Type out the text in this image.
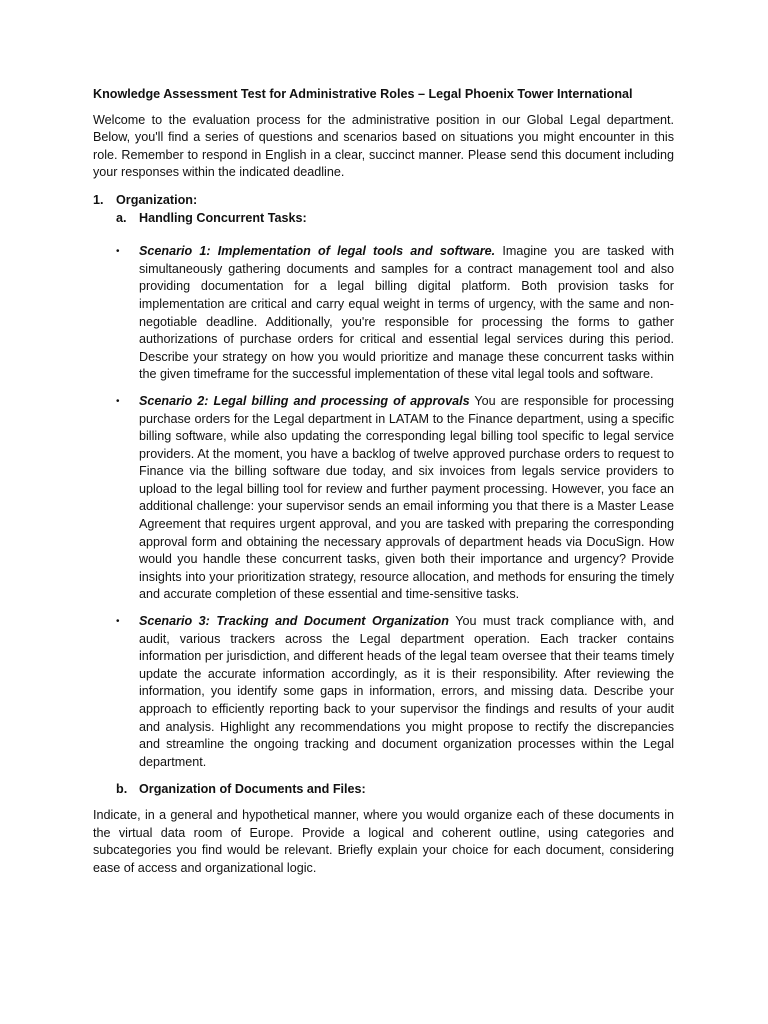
Knowledge Assessment Test for Administrative Roles – Legal Phoenix Tower International

Welcome to the evaluation process for the administrative position in our Global Legal department. Below, you'll find a series of questions and scenarios based on situations you might encounter in this role. Remember to respond in English in a clear, succinct manner. Please send this document including your responses within the indicated deadline.

1. Organization:
a. Handling Concurrent Tasks:
•	Scenario 1: Implementation of legal tools and software. Imagine you are tasked with simultaneously gathering documents and samples for a contract management tool and also providing documentation for a legal billing digital platform. Both provision tasks for implementation are critical and carry equal weight in terms of urgency, with the same and non-negotiable deadline. Additionally, you're responsible for processing the forms to gather authorizations of purchase orders for critical and essential legal services during this period. Describe your strategy on how you would prioritize and manage these concurrent tasks within the given timeframe for the successful implementation of these vital legal tools and software.
•	Scenario 2: Legal billing and processing of approvals You are responsible for processing purchase orders for the Legal department in LATAM to the Finance department, using a specific billing software, while also updating the corresponding legal billing tool specific to legal service providers. At the moment, you have a backlog of twelve approved purchase orders to request to Finance via the billing software due today, and six invoices from legals service providers to upload to the legal billing tool for review and further payment processing. However, you face an additional challenge: your supervisor sends an email informing you that there is a Master Lease Agreement that requires urgent approval, and you are tasked with preparing the corresponding approval form and obtaining the necessary approvals of department heads via DocuSign. How would you handle these concurrent tasks, given both their importance and urgency? Provide insights into your prioritization strategy, resource allocation, and methods for ensuring the timely and accurate completion of these essential and time-sensitive tasks.
•	Scenario 3: Tracking and Document Organization You must track compliance with, and audit, various trackers across the Legal department operation. Each tracker contains information per jurisdiction, and different heads of the legal team oversee that their teams timely update the accurate information accordingly, as it is their responsibility. After reviewing the information, you identify some gaps in information, errors, and missing data. Describe your approach to efficiently reporting back to your supervisor the findings and results of your audit and analysis. Highlight any recommendations you might propose to rectify the discrepancies and streamline the ongoing tracking and document organization processes within the Legal department.
b. Organization of Documents and Files:

Indicate, in a general and hypothetical manner, where you would organize each of these documents in the virtual data room of Europe. Provide a logical and coherent outline, using categories and subcategories you find would be relevant. Briefly explain your choice for each document, considering ease of access and organizational logic.
